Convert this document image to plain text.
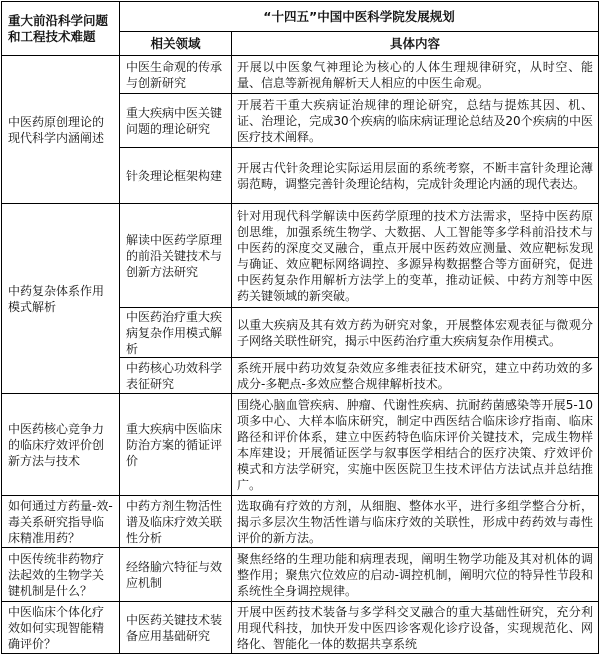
重大前沿科学问题和工程技术难题	“十四五”中国中医科学院发展规划	
	相关领域	具体内容
中医药原创理论的现代科学内涵阐述	中医生命观的传承与创新研究	开展以中医象气神理论为核心的人体生理规律研究，从时空、能量、信息等新视角解析天人相应的中医生命观。
	重大疾病中医关键问题的理论研究	开展若干重大疾病证治规律的理论研究，总结与提炼其因、机、证、治理论，完成30个疾病的临床病证理论总结及20个疾病的中医医疗技术阐释。
	针灸理论框架构建	开展古代针灸理论实际运用层面的系统考察，不断丰富针灸理论薄弱范畴，调整完善针灸理论结构，完成针灸理论内涵的现代表达。
中药复杂体系作用模式解析	解读中医药学原理的前沿关键技术与创新方法研究	针对用现代科学解读中医药学原理的技术方法需求，坚持中医药原创思维，加强系统生物学、大数据、人工智能等多学科前沿技术与中医药的深度交叉融合，重点开展中医药效应测量、效应靶标发现与确证、效应靶标网络调控、多源异构数据整合等方面研究，促进中医药复杂作用解析方法学上的变革，推动证候、中药方剂等中医药关键领域的新突破。
	中医药治疗重大疾病复杂作用模式解析	以重大疾病及其有效方药为研究对象，开展整体宏观表征与微观分子网络关联性研究，揭示中医药治疗重大疾病复杂作用模式。
	中药核心功效科学表征研究	系统开展中药功效复杂效应多维表征技术研究，建立中药功效的多成分-多靶点-多效应整合规律解析技术。
中医药核心竞争力的临床疗效评价创新方法与技术	重大疾病中医临床防治方案的循证评价	围绕心脑血管疾病、肿瘤、代谢性疾病、抗耐药菌感染等开展5-10项多中心、大样本临床研究，制定中西医结合临床诊疗指南、临床路径和评价体系，建立中医药特色临床评价关键技术，完成生物样本库建设；开展循证医学与叙事医学相结合的医疗决策、疗效评价模式和方法学研究，实施中医医院卫生技术评估方法试点并总结推广。
如何通过方药量-效-毒关系研究指导临床精准用药？	中药方剂生物活性谱及临床疗效关联性分析	选取确有疗效的方剂，从细胞、整体水平，进行多组学整合分析，揭示多层次生物活性谱与临床疗效的关联性，形成中药药效与毒性评价的新方法。
中医传统非药物疗法起效的生物学关键机制是什么？	经络腧穴特征与效应机制	聚焦经络的生理功能和病理表现，阐明生物学功能及其对机体的调整作用；聚焦穴位效应的启动-调控机制，阐明穴位的特异性节段和系统性全身调控规律。
中医临床个体化疗效如何实现智能精确评价？	中医药关键技术装备应用基础研究	开展中医药技术装备与多学科交叉融合的重大基础性研究，充分利用现代科技，加快开发中医四诊客观化诊疗设备，实现规范化、网络化、智能化一体的数据共享系统
